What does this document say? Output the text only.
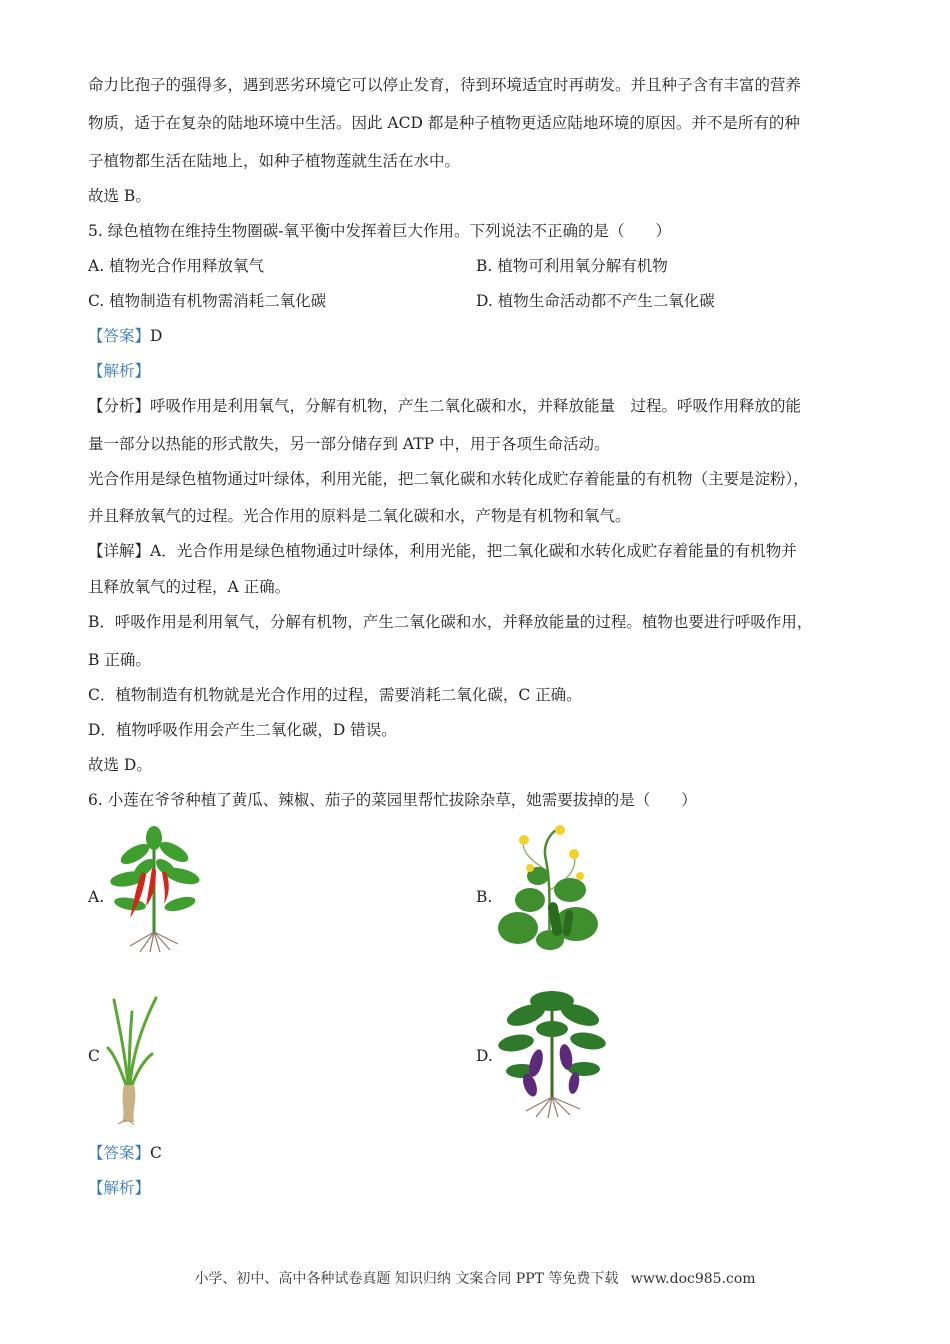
命力比孢子的强得多，遇到恶劣环境它可以停止发育，待到环境适宜时再萌发。并且种子含有丰富的营养
物质，适于在复杂的陆地环境中生活。因此 ACD 都是种子植物更适应陆地环境的原因。并不是所有的种
子植物都生活在陆地上，如种子植物莲就生活在水中。
故选 B。
5. 绿色植物在维持生物圈碳-氧平衡中发挥着巨大作用。下列说法不正确的是（　　）
A. 植物光合作用释放氧气	B. 植物可利用氧分解有机物
C. 植物制造有机物需消耗二氧化碳	D. 植物生命活动都不产生二氧化碳
【答案】D
【解析】
【分析】呼吸作用是利用氧气，分解有机物，产生二氧化碳和水，并释放能量　过程。呼吸作用释放的能
量一部分以热能的形式散失，另一部分储存到 ATP 中，用于各项生命活动。
光合作用是绿色植物通过叶绿体，利用光能，把二氧化碳和水转化成贮存着能量的有机物（主要是淀粉），
并且释放氧气的过程。光合作用的原料是二氧化碳和水，产物是有机物和氧气。
【详解】A．光合作用是绿色植物通过叶绿体，利用光能，把二氧化碳和水转化成贮存着能量的有机物并
且释放氧气的过程，A 正确。
B．呼吸作用是利用氧气，分解有机物，产生二氧化碳和水，并释放能量的过程。植物也要进行呼吸作用，
B 正确。
C．植物制造有机物就是光合作用的过程，需要消耗二氧化碳，C 正确。
D．植物呼吸作用会产生二氧化碳，D 错误。
故选 D。
6. 小莲在爷爷种植了黄瓜、辣椒、茄子的菜园里帮忙拔除杂草，她需要拔掉的是（　　）
A.	B.
C	D.
【答案】C
【解析】
小学、初中、高中各种试卷真题 知识归纳 文案合同 PPT 等免费下载 www.doc985.com
